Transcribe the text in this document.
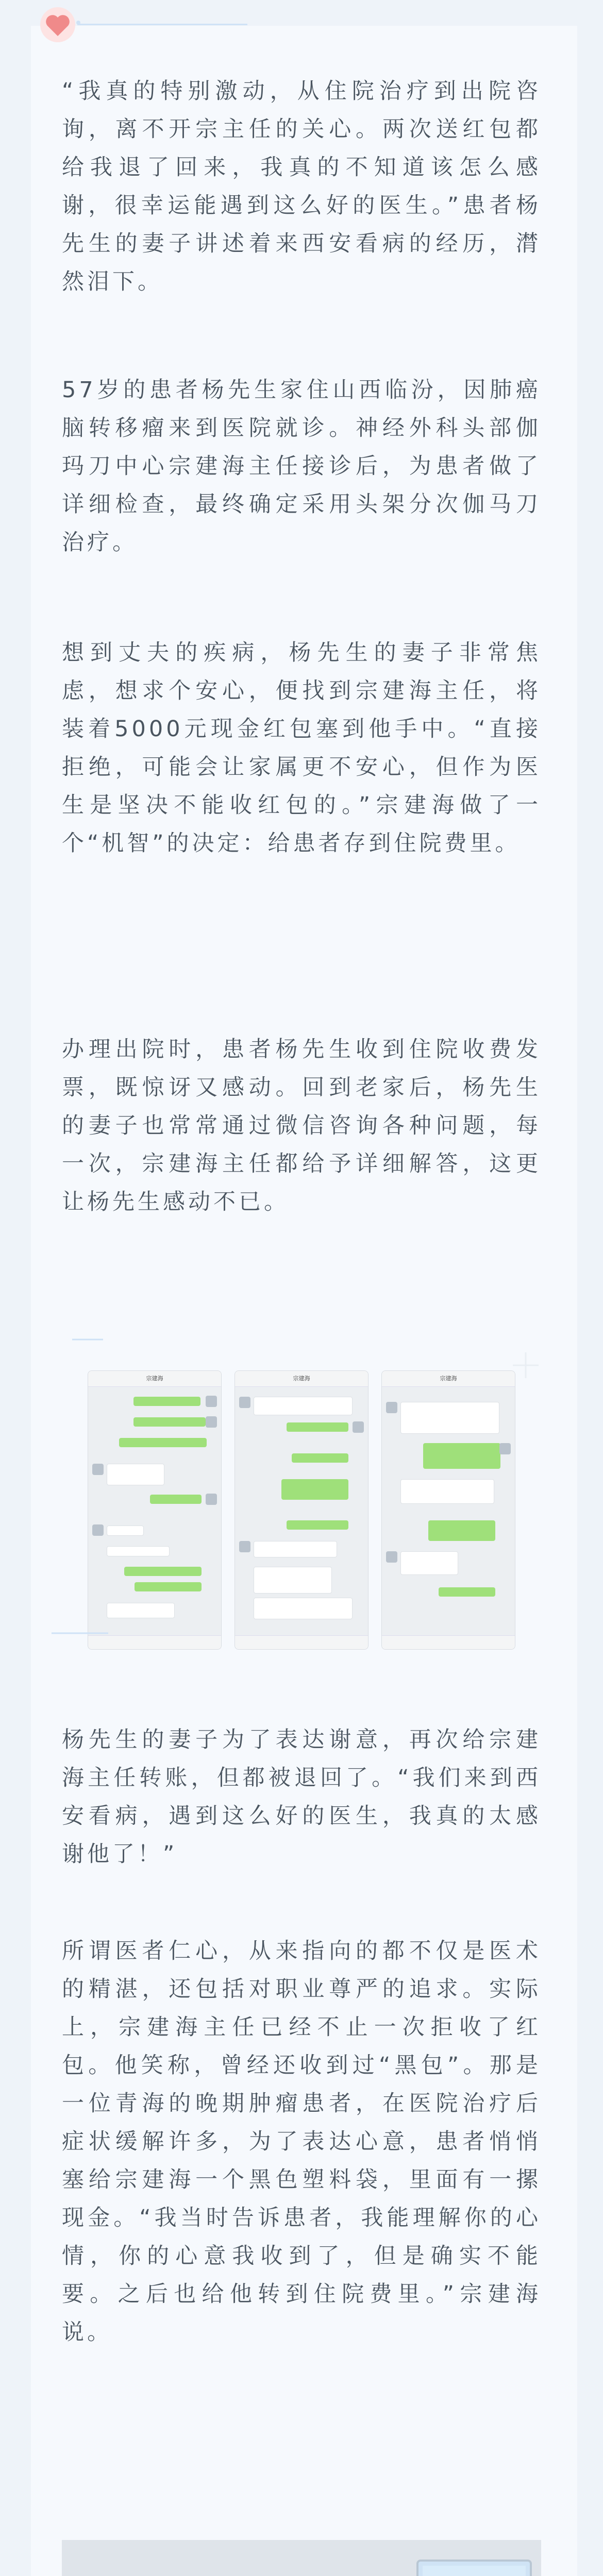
“我真的特别激动，从住院治疗到出院咨询，离不开宗主任的关心。两次送红包都给我退了回来，我真的不知道该怎么感谢，很幸运能遇到这么好的医生。”患者杨先生的妻子讲述着来西安看病的经历，潸然泪下。

57岁的患者杨先生家住山西临汾，因肺癌脑转移瘤来到医院就诊。神经外科头部伽玛刀中心宗建海主任接诊后，为患者做了详细检查，最终确定采用头架分次伽马刀治疗。

想到丈夫的疾病，杨先生的妻子非常焦虑，想求个安心，便找到宗建海主任，将装着5000元现金红包塞到他手中。“直接拒绝，可能会让家属更不安心，但作为医生是坚决不能收红包的。”宗建海做了一个“机智”的决定：给患者存到住院费里。

办理出院时，患者杨先生收到住院收费发票，既惊讶又感动。回到老家后，杨先生的妻子也常常通过微信咨询各种问题，每一次，宗建海主任都给予详细解答，这更让杨先生感动不已。

宗建海	宗建海	宗建海

杨先生的妻子为了表达谢意，再次给宗建海主任转账，但都被退回了。“我们来到西安看病，遇到这么好的医生，我真的太感谢他了！”

所谓医者仁心，从来指向的都不仅是医术的精湛，还包括对职业尊严的追求。实际上，宗建海主任已经不止一次拒收了红包。他笑称，曾经还收到过“黑包”。那是一位青海的晚期肿瘤患者，在医院治疗后症状缓解许多，为了表达心意，患者悄悄塞给宗建海一个黑色塑料袋，里面有一摞现金。“我当时告诉患者，我能理解你的心情，你的心意我收到了，但是确实不能要。之后也给他转到住院费里。”宗建海说。
